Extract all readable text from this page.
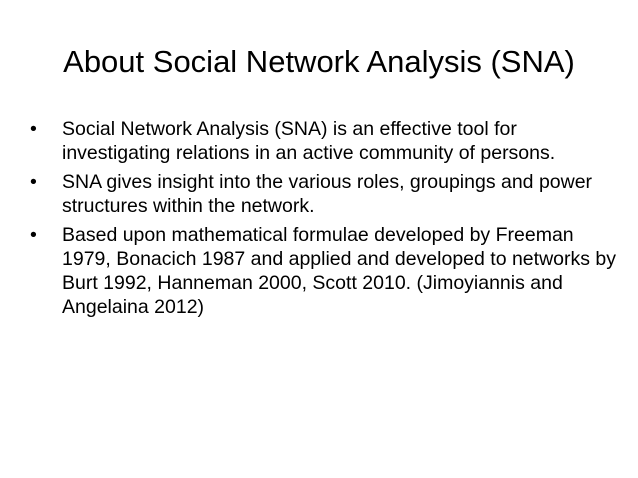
About Social Network Analysis (SNA)
•	Social Network Analysis (SNA) is an effective tool for investigating relations in an active community of persons.
•	SNA gives insight into the various roles, groupings and power structures within the network.
•	Based upon mathematical formulae developed by Freeman 1979, Bonacich 1987 and applied and developed to networks by Burt 1992, Hanneman 2000, Scott 2010. (Jimoyiannis and Angelaina 2012)
